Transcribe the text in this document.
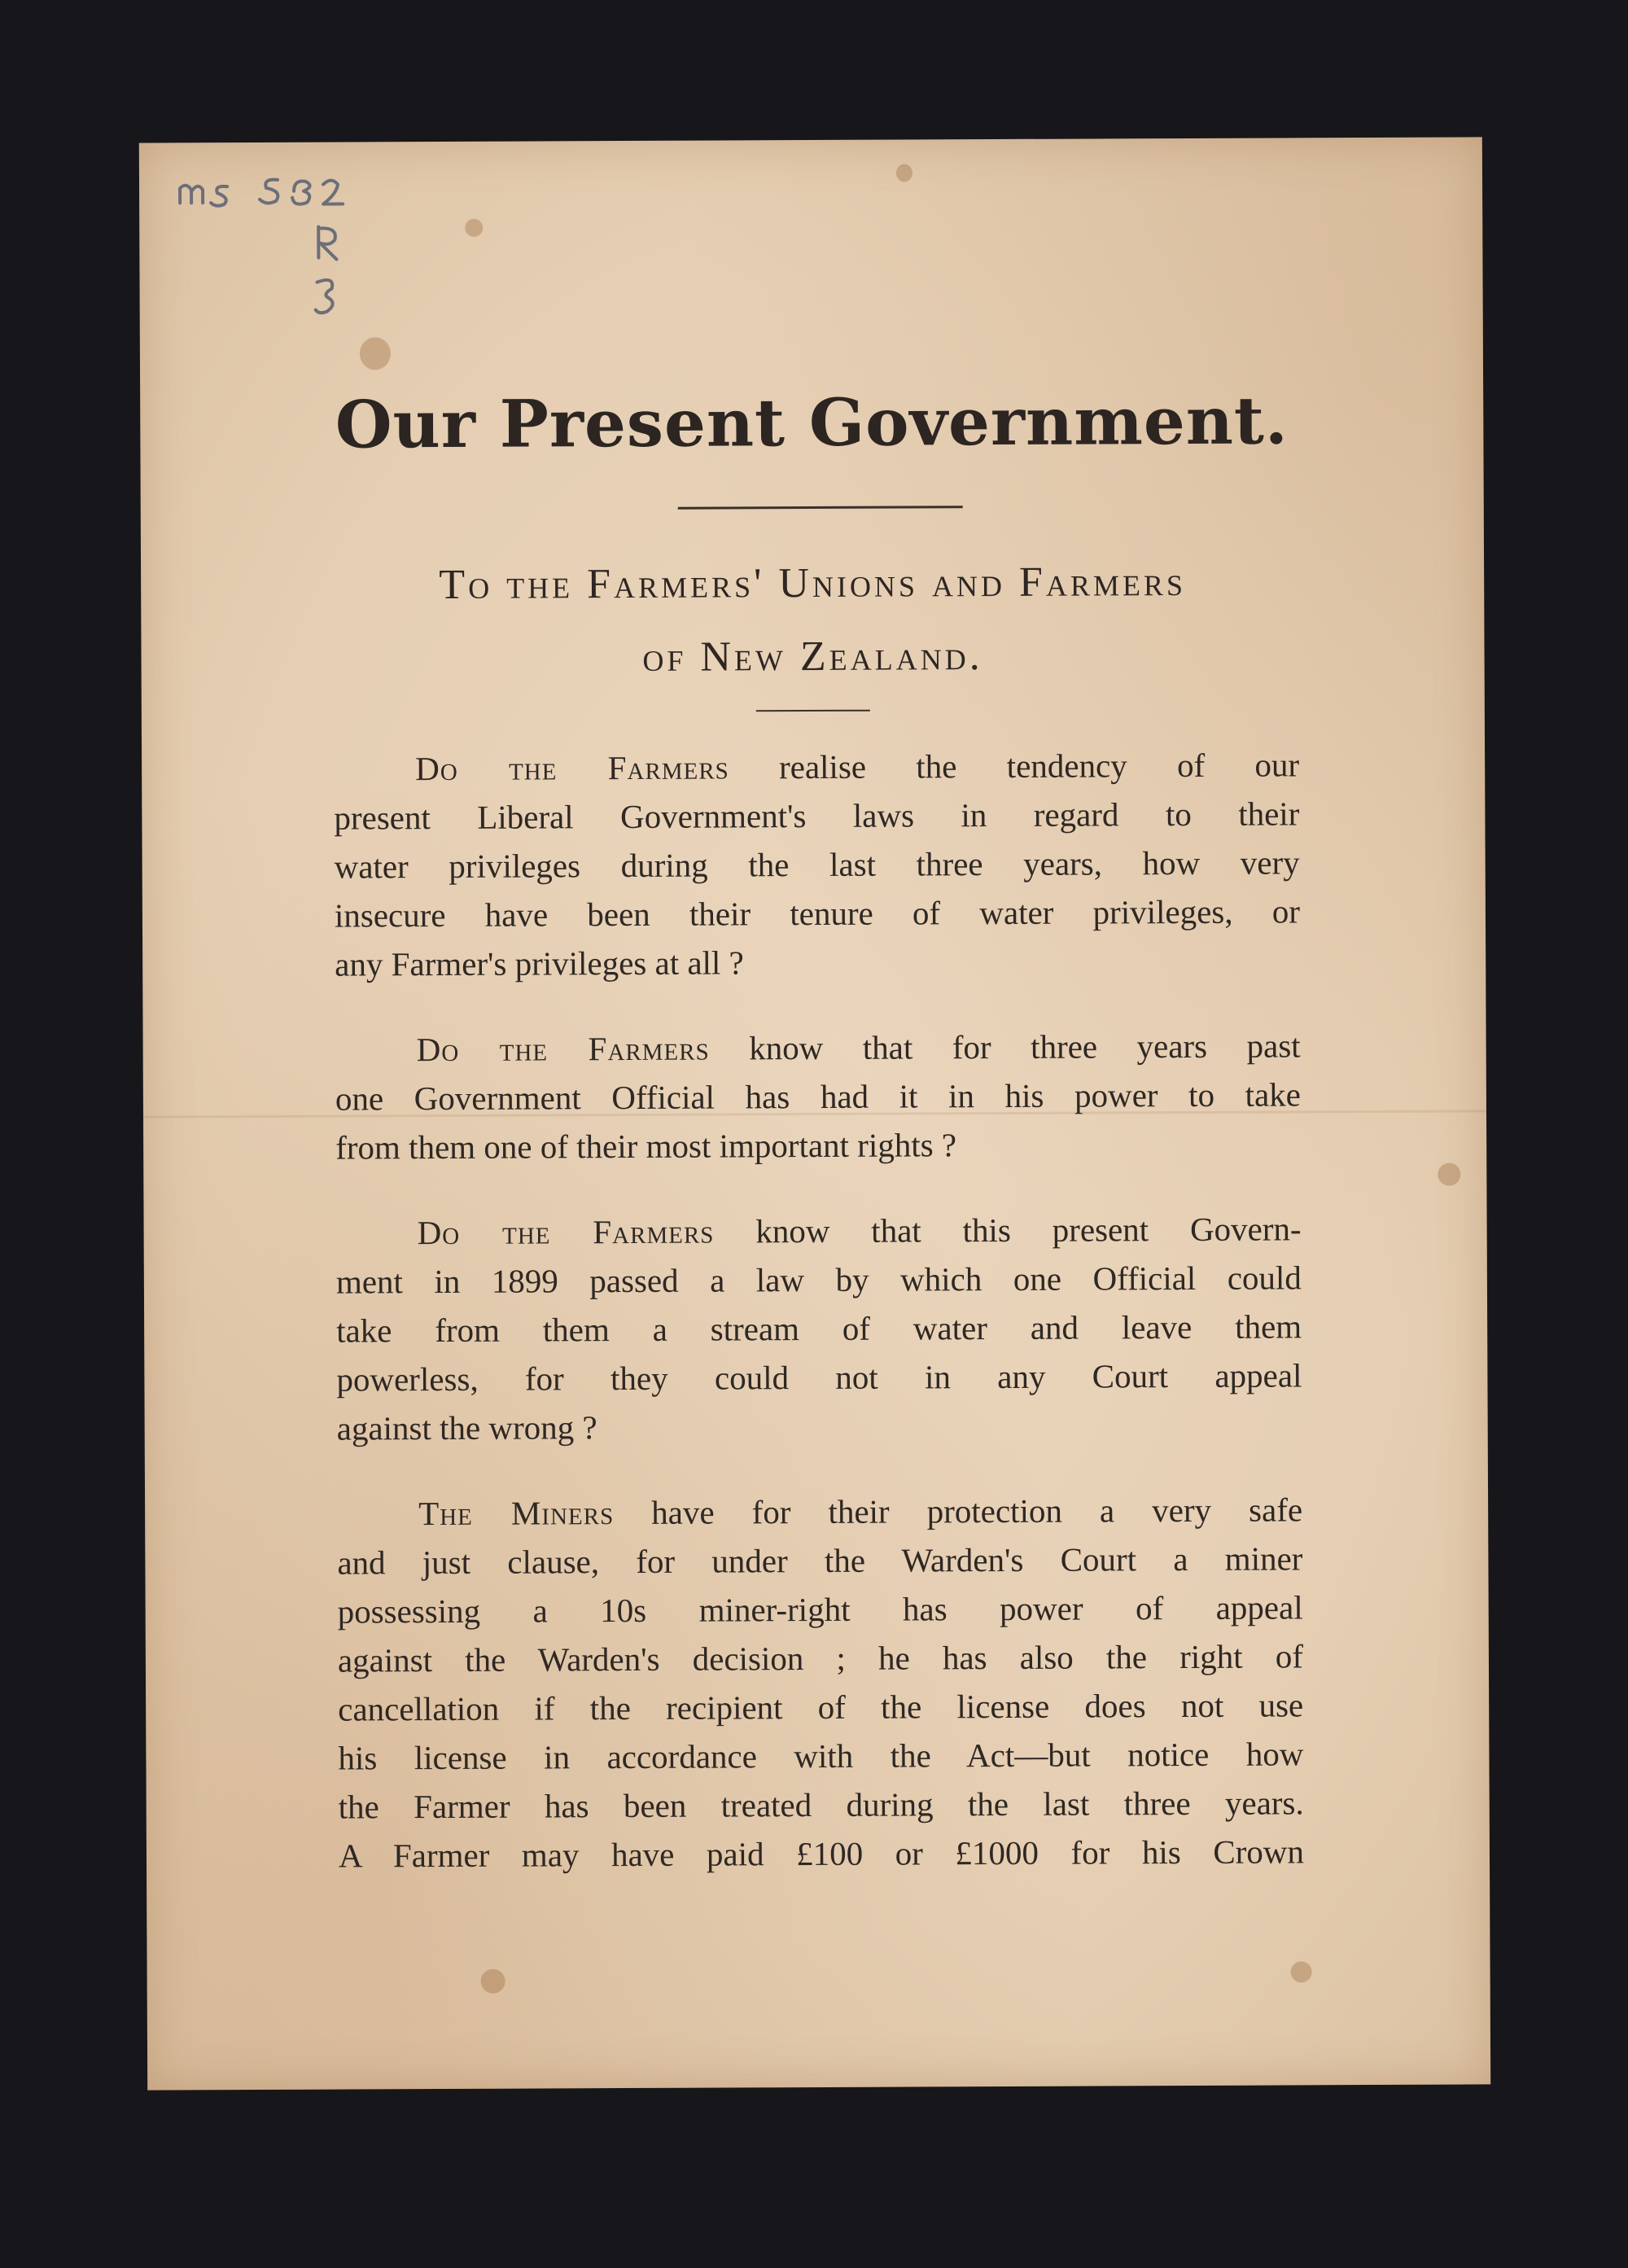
Our Present Government.
To the Farmers' Unions and Farmers
of New Zealand.
Do the Farmers realise the tendency of our
present Liberal Government's laws in regard to their
water privileges during the last three years, how very
insecure have been their tenure of water privileges, or
any Farmer's privileges at all ?
Do the Farmers know that for three years past
one Government Official has had it in his power to take
from them one of their most important rights ?
Do the Farmers know that this present Govern-
ment in 1899 passed a law by which one Official could
take from them a stream of water and leave them
powerless, for they could not in any Court appeal
against the wrong ?
The Miners have for their protection a very safe
and just clause, for under the Warden's Court a miner
possessing a 10s miner-right has power of appeal
against the Warden's decision ; he has also the right of
cancellation if the recipient of the license does not use
his license in accordance with the Act—but notice how
the Farmer has been treated during the last three years.
A Farmer may have paid £100 or £1000 for his Crown
